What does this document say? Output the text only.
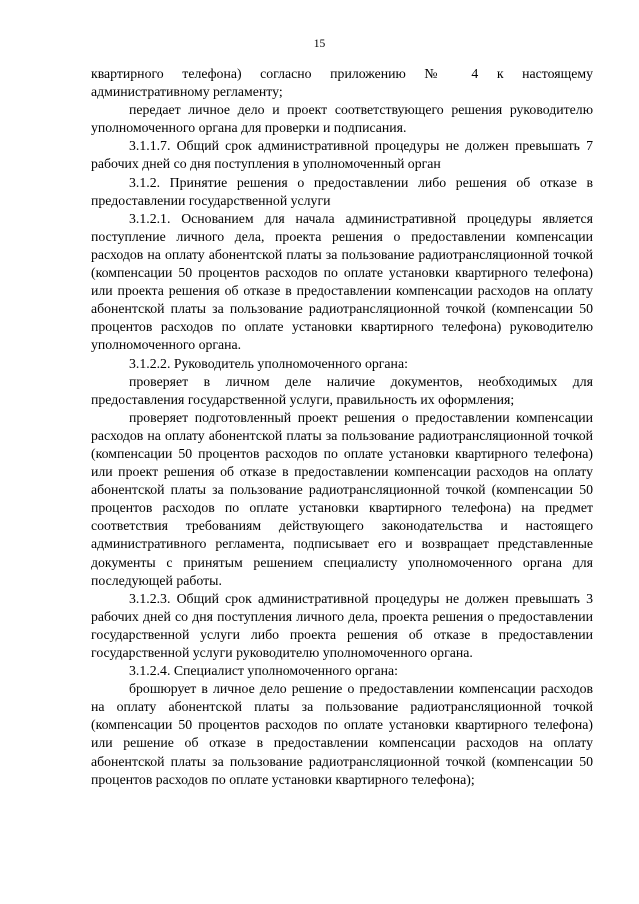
15

квартирного телефона) согласно приложению № 4 к настоящему административному регламенту;

передает личное дело и проект соответствующего решения руководителю уполномоченного органа для проверки и подписания.

3.1.1.7. Общий срок административной процедуры не должен превышать 7 рабочих дней со дня поступления в уполномоченный орган

3.1.2. Принятие решения о предоставлении либо решения об отказе в предоставлении государственной услуги

3.1.2.1. Основанием для начала административной процедуры является поступление личного дела, проекта решения о предоставлении компенсации расходов на оплату абонентской платы за пользование радиотрансляционной точкой (компенсации 50 процентов расходов по оплате установки квартирного телефона) или проекта решения об отказе в предоставлении компенсации расходов на оплату абонентской платы за пользование радиотрансляционной точкой (компенсации 50 процентов расходов по оплате установки квартирного телефона) руководителю уполномоченного органа.

3.1.2.2. Руководитель уполномоченного органа:

проверяет в личном деле наличие документов, необходимых для предоставления государственной услуги, правильность их оформления;

проверяет подготовленный проект решения о предоставлении компенсации расходов на оплату абонентской платы за пользование радиотрансляционной точкой (компенсации 50 процентов расходов по оплате установки квартирного телефона) или проект решения об отказе в предоставлении компенсации расходов на оплату абонентской платы за пользование радиотрансляционной точкой (компенсации 50 процентов расходов по оплате установки квартирного телефона) на предмет соответствия требованиям действующего законодательства и настоящего административного регламента, подписывает его и возвращает представленные документы с принятым решением специалисту уполномоченного органа для последующей работы.

3.1.2.3. Общий срок административной процедуры не должен превышать 3 рабочих дней со дня поступления личного дела, проекта решения о предоставлении государственной услуги либо проекта решения об отказе в предоставлении государственной услуги руководителю уполномоченного органа.

3.1.2.4. Специалист уполномоченного органа:

брошюрует в личное дело решение о предоставлении компенсации расходов на оплату абонентской платы за пользование радиотрансляционной точкой (компенсации 50 процентов расходов по оплате установки квартирного телефона) или решение об отказе в предоставлении компенсации расходов на оплату абонентской платы за пользование радиотрансляционной точкой (компенсации 50 процентов расходов по оплате установки квартирного телефона);
